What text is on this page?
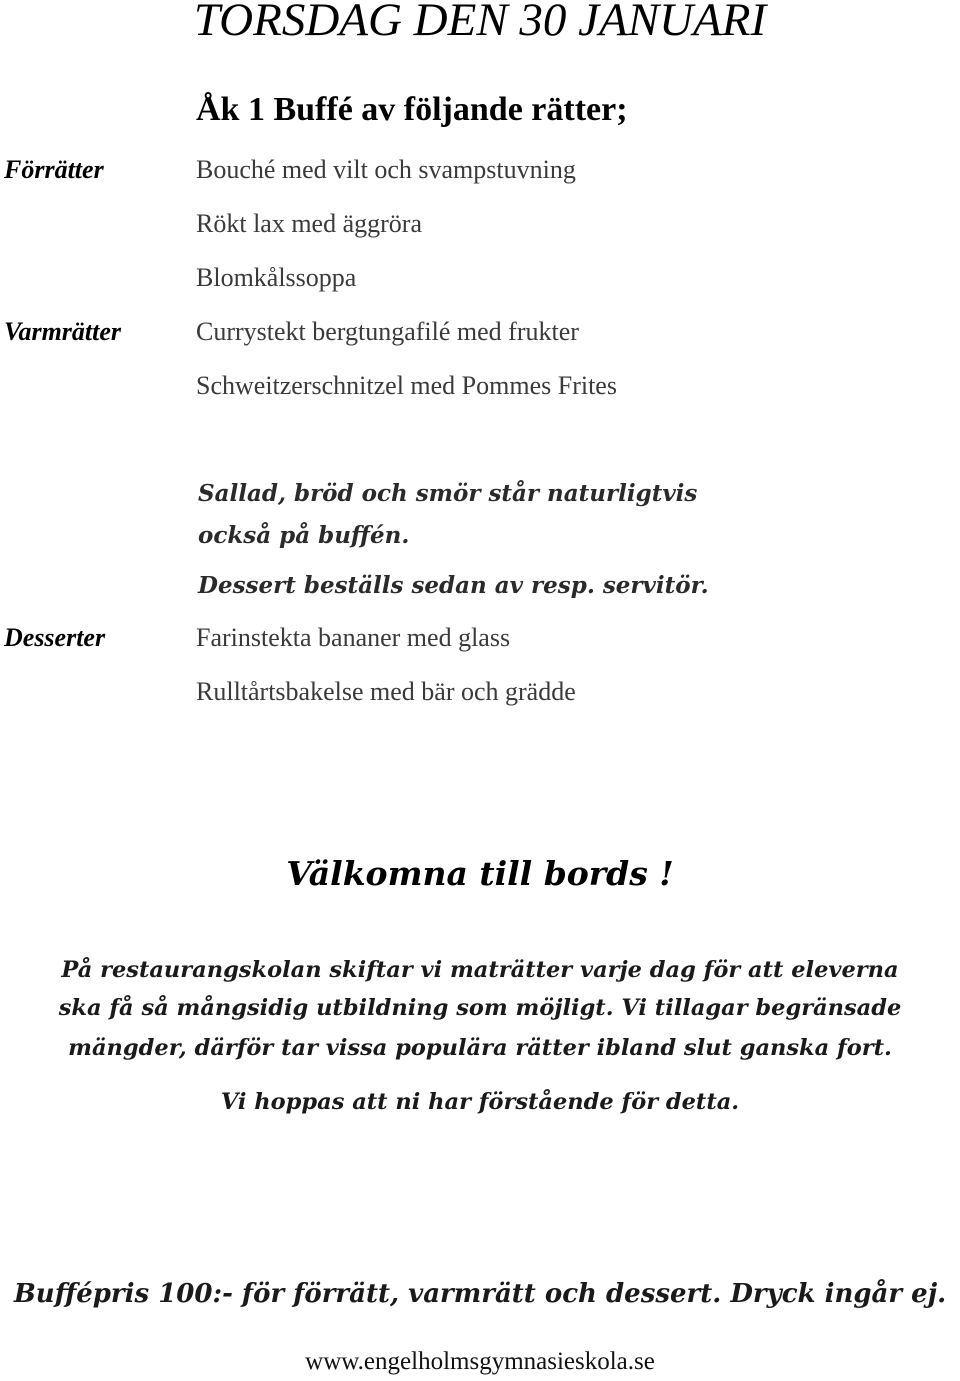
TORSDAG DEN 30 JANUARI
Åk 1 Buffé av följande rätter;
Förrätter	Bouché med vilt och svampstuvning
Rökt lax med äggröra
Blomkålssoppa
Varmrätter	Currystekt bergtungafilé med frukter
Schweitzerschnitzel med Pommes Frites
Sallad, bröd och smör står naturligtvis
också på buffén.
Dessert beställs sedan av resp. servitör.
Desserter	Farinstekta bananer med glass
Rulltårtsbakelse med bär och grädde
Välkomna till bords !
På restaurangskolan skiftar vi maträtter varje dag för att eleverna
ska få så mångsidig utbildning som möjligt. Vi tillagar begränsade
mängder, därför tar vissa populära rätter ibland slut ganska fort.
Vi hoppas att ni har förstående för detta.
Buffépris 100:- för förrätt, varmrätt och dessert. Dryck ingår ej.
www.engelholmsgymnasieskola.se
